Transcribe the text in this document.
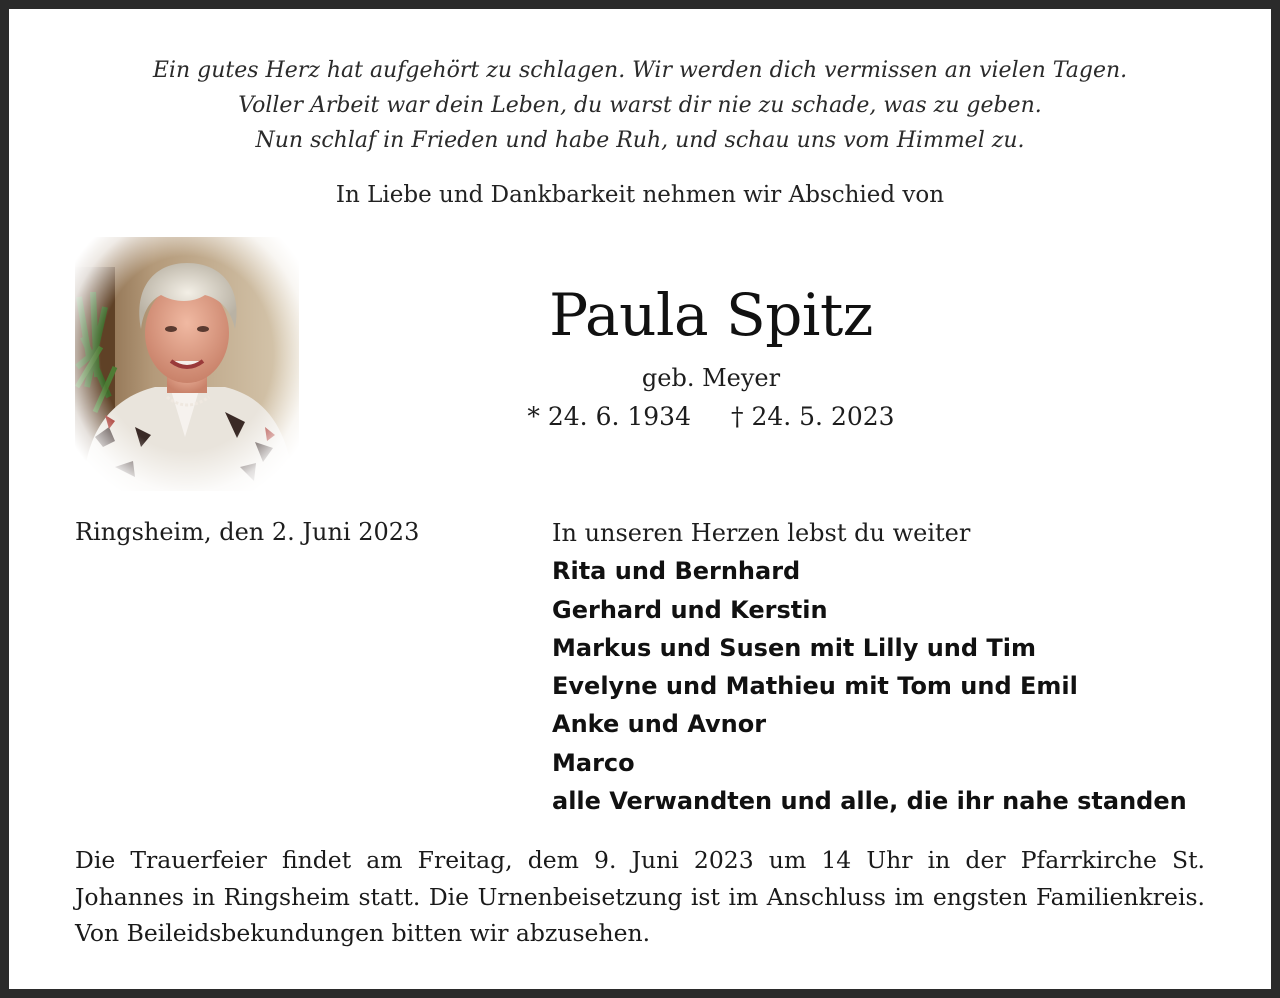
Ein gutes Herz hat aufgehört zu schlagen. Wir werden dich vermissen an vielen Tagen.
Voller Arbeit war dein Leben, du warst dir nie zu schade, was zu geben.
Nun schlaf in Frieden und habe Ruh, und schau uns vom Himmel zu.
In Liebe und Dankbarkeit nehmen wir Abschied von
Paula Spitz
geb. Meyer
* 24. 6. 1934 † 24. 5. 2023
Ringsheim, den 2. Juni 2023	In unseren Herzen lebst du weiter
Rita und Bernhard
Gerhard und Kerstin
Markus und Susen mit Lilly und Tim
Evelyne und Mathieu mit Tom und Emil
Anke und Avnor
Marco
alle Verwandten und alle, die ihr nahe standen
Die Trauerfeier findet am Freitag, dem 9. Juni 2023 um 14 Uhr in der Pfarrkirche St. Johannes in Ringsheim statt. Die Urnenbeisetzung ist im Anschluss im engsten Familienkreis. Von Beileidsbekundungen bitten wir abzusehen.
